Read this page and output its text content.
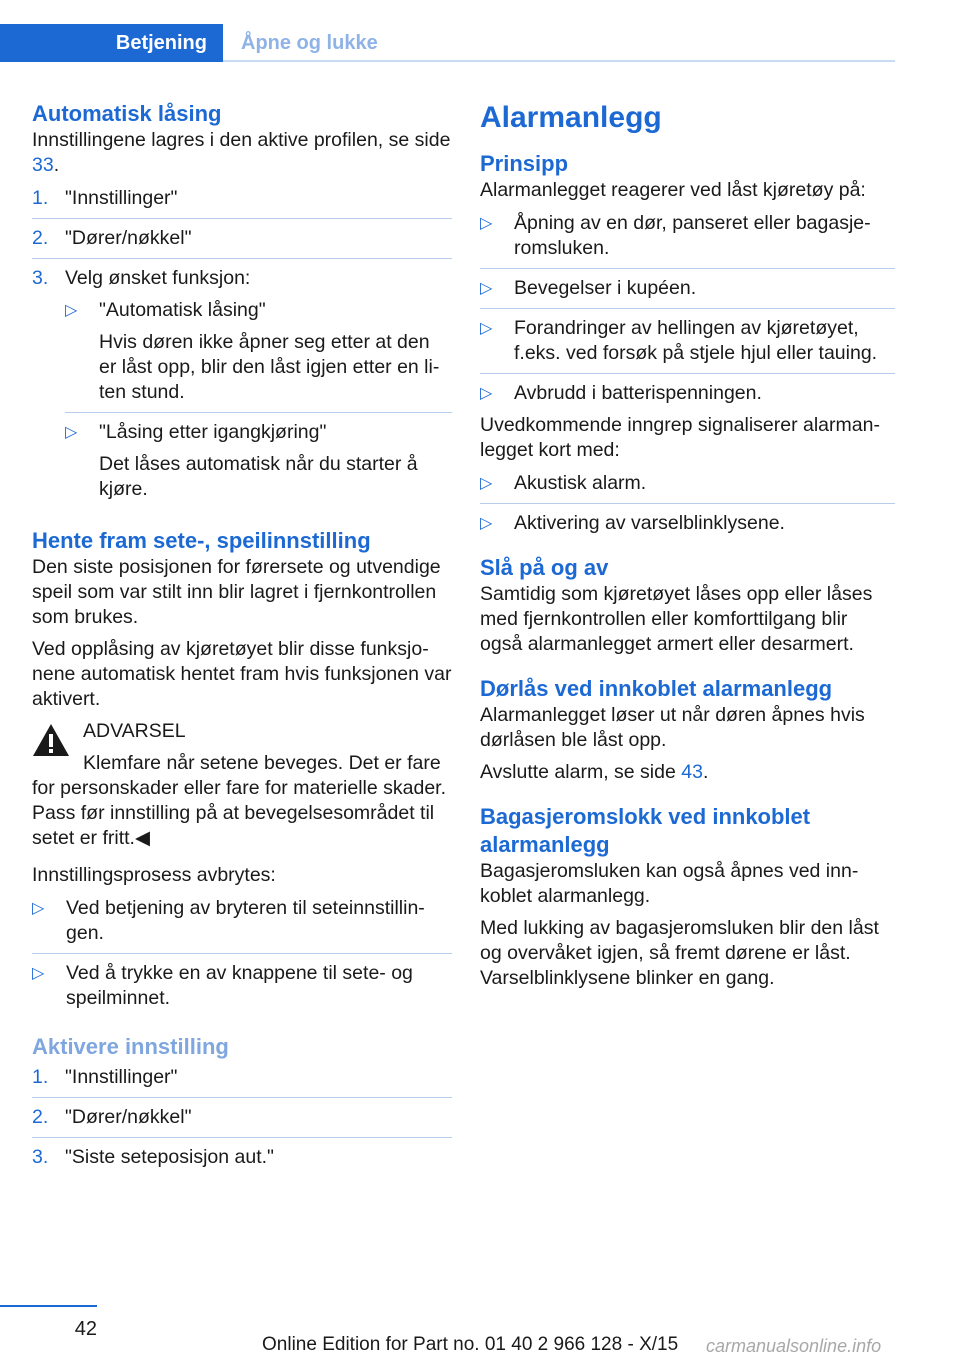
Betjening	Åpne og lukke
Automatisk låsing

Innstillingene lagres i den aktive profilen, se side 33.

1. "Innstillinger"
2. "Dører/nøkkel"
3. Velg ønsket funksjon:
▷	"Automatisk låsing"

Hvis døren ikke åpner seg etter at den er låst opp, blir den låst igjen etter en liten stund.
▷	"Låsing etter igangkjøring"

Det låses automatisk når du starter å kjøre.
Hente fram sete-, speilinnstilling

Den siste posisjonen for førersete og utvendige speil som var stilt inn blir lagret i fjernkontrollen som brukes.

Ved opplåsing av kjøretøyet blir disse funksjonene automatisk hentet fram hvis funksjonen var aktivert.

ADVARSEL

Klemfare når setene beveges. Det er fare for personskader eller fare for materielle skader. Pass før innstilling på at bevegelsesområdet til setet er fritt.◀

Innstillingsprosess avbrytes:

▷	Ved betjening av bryteren til seteinnstillingen.
▷	Ved å trykke en av knappene til sete- og speilminnet.
Aktivere innstilling
1. "Innstillinger"
2. "Dører/nøkkel"
3. "Siste seteposisjon aut."
Alarmanlegg
Prinsipp

Alarmanlegget reagerer ved låst kjøretøy på:

▷	Åpning av en dør, panseret eller bagasjeromsluken.
▷	Bevegelser i kupéen.
▷	Forandringer av hellingen av kjøretøyet, f.eks. ved forsøk på stjele hjul eller tauing.
▷	Avbrudd i batterispenningen.

Uvedkommende inngrep signaliserer alarmanlegget kort med:

▷	Akustisk alarm.
▷	Aktivering av varselblinklysene.
Slå på og av

Samtidig som kjøretøyet låses opp eller låses med fjernkontrollen eller komforttilgang blir også alarmanlegget armert eller desarmert.

Dørlås ved innkoblet alarmanlegg

Alarmanlegget løser ut når døren åpnes hvis dørlåsen ble låst opp.

Avslutte alarm, se side 43.

Bagasjeromslokk ved innkoblet alarmanlegg

Bagasjeromsluken kan også åpnes ved innkoblet alarmanlegg.

Med lukking av bagasjeromsluken blir den låst og overvåket igjen, så fremt dørene er låst. Varselblinklysene blinker en gang.

42
Online Edition for Part no. 01 40 2 966 128 - X/15 carmanualsonline.info
